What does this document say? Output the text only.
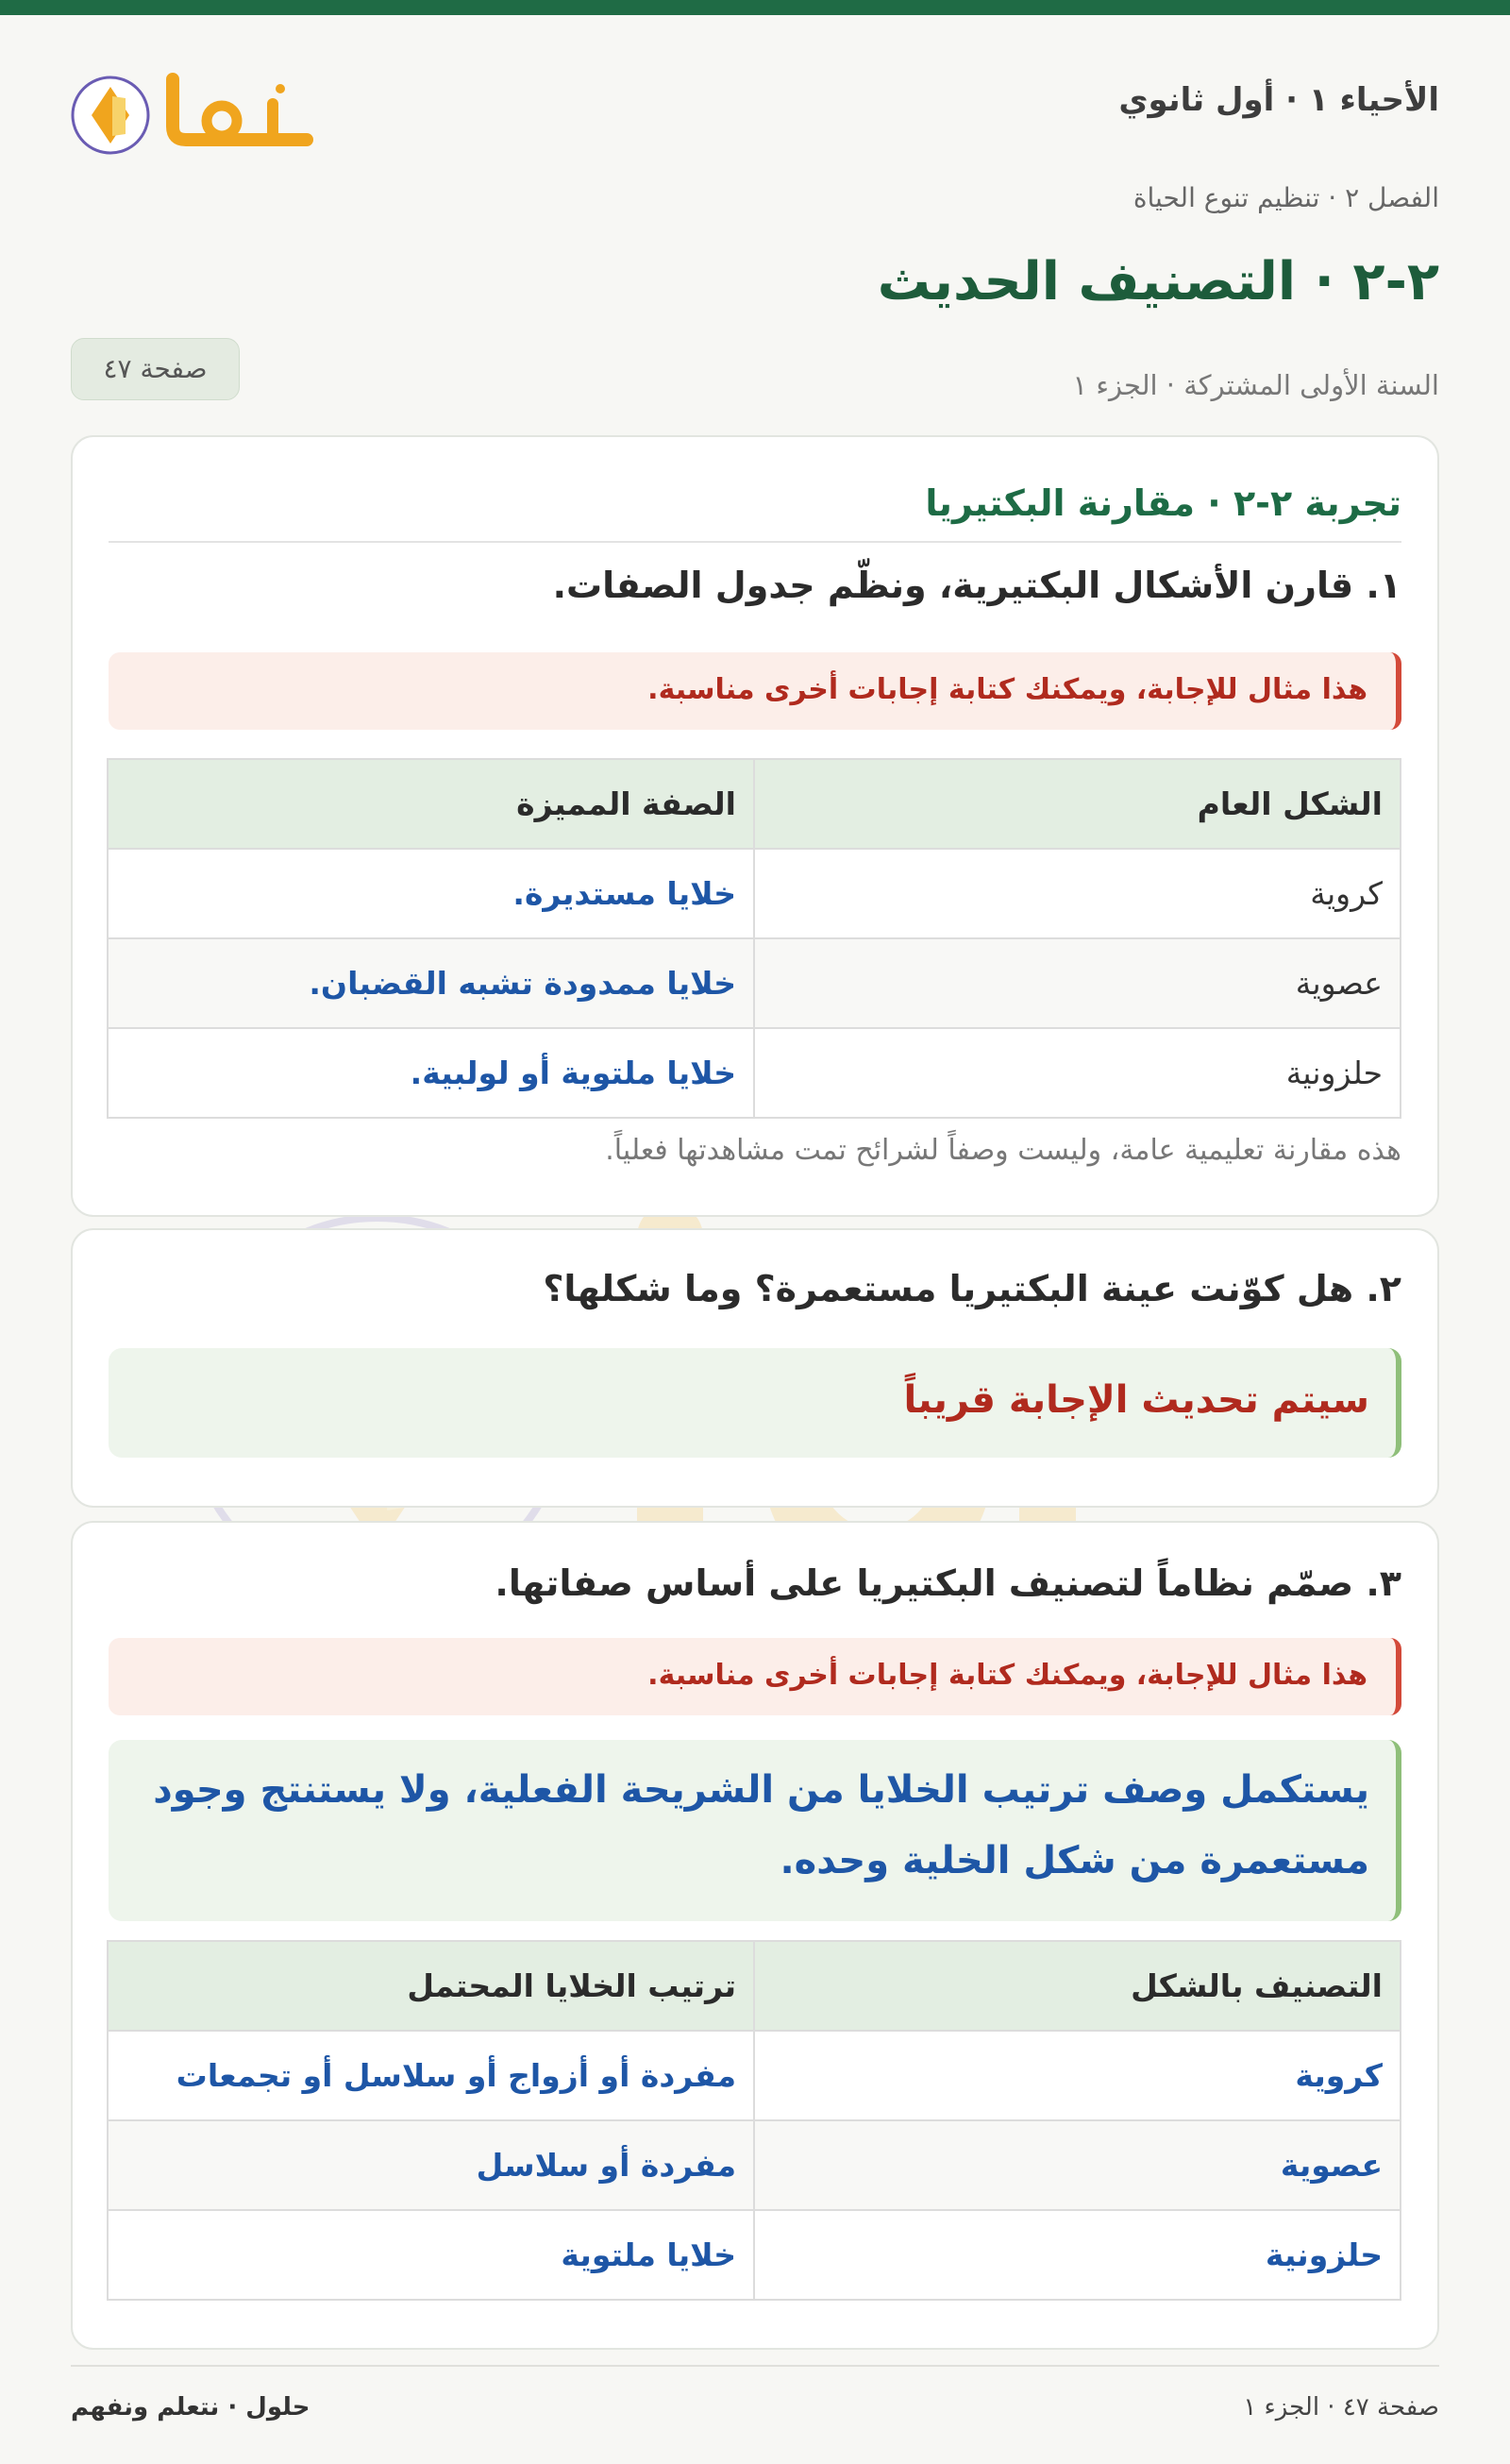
الأحياء ١ · أول ثانوي
الفصل ٢ · تنظيم تنوع الحياة
٢-٢ · التصنيف الحديث
السنة الأولى المشتركة · الجزء ١
صفحة ٤٧
تجربة ٢-٢ · مقارنة البكتيريا
١. قارن الأشكال البكتيرية، ونظّم جدول الصفات.
هذا مثال للإجابة، ويمكنك كتابة إجابات أخرى مناسبة.
الشكل العام	الصفة المميزة
كروية	خلايا مستديرة.
عصوية	خلايا ممدودة تشبه القضبان.
حلزونية	خلايا ملتوية أو لولبية.
هذه مقارنة تعليمية عامة، وليست وصفاً لشرائح تمت مشاهدتها فعلياً.
٢. هل كوّنت عينة البكتيريا مستعمرة؟ وما شكلها؟
سيتم تحديث الإجابة قريباً
٣. صمّم نظاماً لتصنيف البكتيريا على أساس صفاتها.
هذا مثال للإجابة، ويمكنك كتابة إجابات أخرى مناسبة.
يستكمل وصف ترتيب الخلايا من الشريحة الفعلية، ولا يستنتج وجود
مستعمرة من شكل الخلية وحده.
التصنيف بالشكل	ترتيب الخلايا المحتمل
كروية	مفردة أو أزواج أو سلاسل أو تجمعات
عصوية	مفردة أو سلاسل
حلزونية	خلايا ملتوية
صفحة ٤٧ · الجزء ١
حلول · نتعلم ونفهم
